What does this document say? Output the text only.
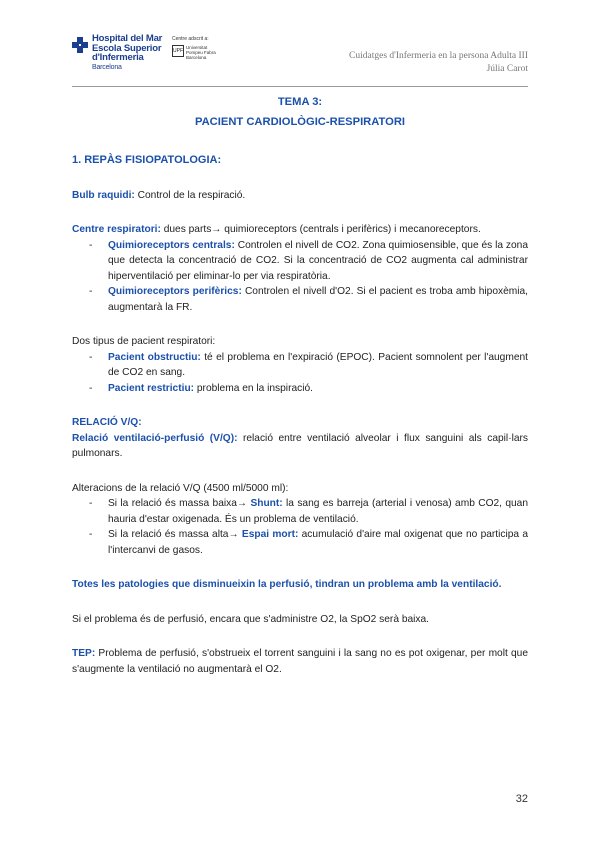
Hospital del Mar
Escola Superior
d'Infermeria
Barcelona
Centre adscrit a:
UPF
Universitat
Pompeu Fabra
Barcelona	Cuidatges d'Infermeria en la persona Adulta III
Júlia Carot
TEMA 3:
PACIENT CARDIOLÒGIC-RESPIRATORI

1. REPÀS FISIOPATOLOGIA:

Bulb raquidi: Control de la respiració.

Centre respiratori: dues parts→ quimioreceptors (centrals i perifèrics) i mecanoreceptors.

- Quimioreceptors centrals: Controlen el nivell de CO2. Zona quimiosensible, que és la zona que detecta la concentració de CO2. Si la concentració de CO2 augmenta cal administrar hiperventilació per eliminar-lo per via respiratòria.
- Quimioreceptors perifèrics: Controlen el nivell d'O2. Si el pacient es troba amb hipoxèmia, augmentarà la FR.

Dos tipus de pacient respiratori:

- Pacient obstructiu: té el problema en l'expiració (EPOC). Pacient somnolent per l'augment de CO2 en sang.
- Pacient restrictiu: problema en la inspiració.

RELACIÓ V/Q:

Relació ventilació-perfusió (V/Q): relació entre ventilació alveolar i flux sanguini als capil·lars pulmonars.

Alteracions de la relació V/Q (4500 ml/5000 ml):

- Si la relació és massa baixa→ Shunt: la sang es barreja (arterial i venosa) amb CO2, quan hauria d'estar oxigenada. És un problema de ventilació.
- Si la relació és massa alta→ Espai mort: acumulació d'aire mal oxigenat que no participa a l'intercanvi de gasos.

Totes les patologies que disminueixin la perfusió, tindran un problema amb la ventilació.

Si el problema és de perfusió, encara que s'administre O2, la SpO2 serà baixa.

TEP: Problema de perfusió, s'obstrueix el torrent sanguini i la sang no es pot oxigenar, per molt que s'augmente la ventilació no augmentarà el O2.

32
